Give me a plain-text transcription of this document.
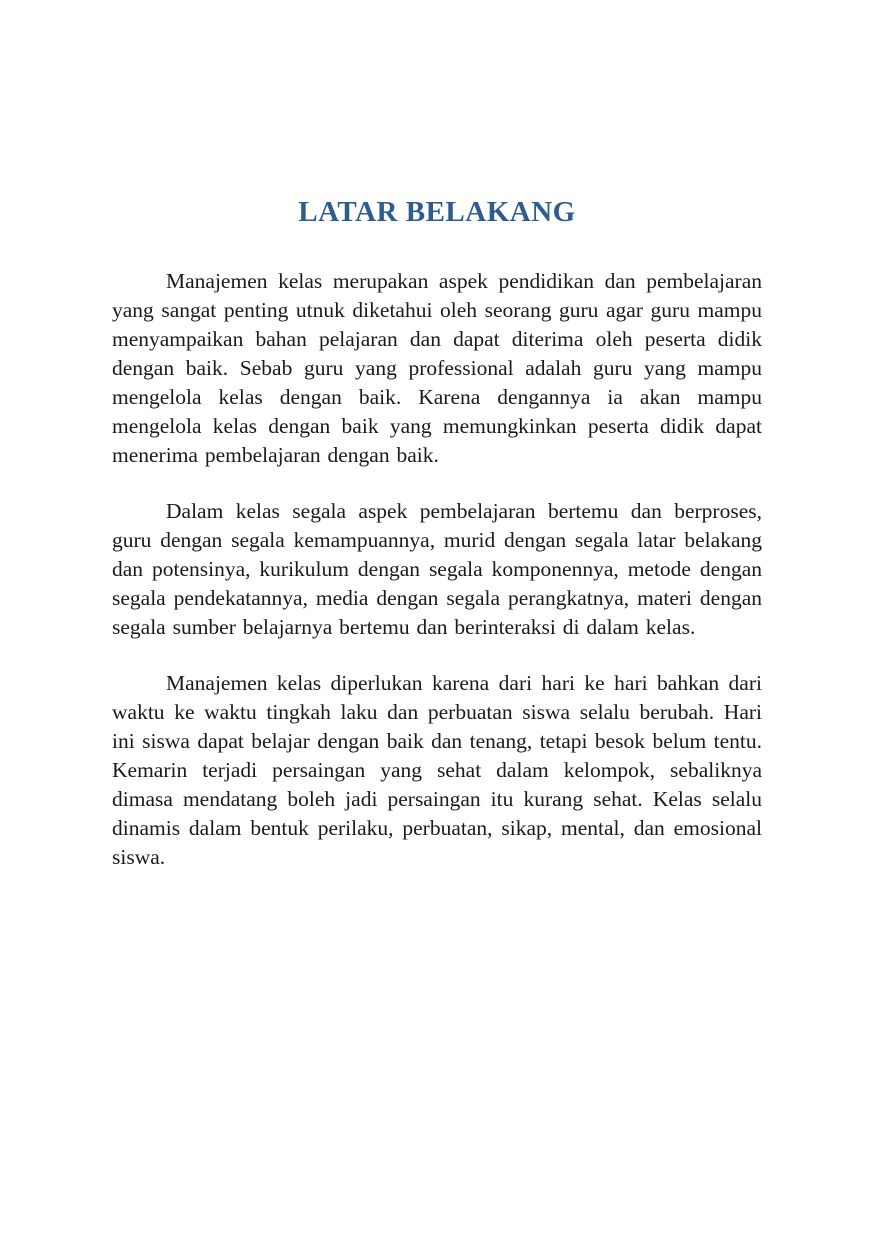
LATAR BELAKANG

Manajemen kelas merupakan aspek pendidikan dan pembelajaran yang sangat penting utnuk diketahui oleh seorang guru agar guru mampu menyampaikan bahan pelajaran dan dapat diterima oleh peserta didik dengan baik. Sebab guru yang professional adalah guru yang mampu mengelola kelas dengan baik. Karena dengannya ia akan mampu mengelola kelas dengan baik yang memungkinkan peserta didik dapat menerima pembelajaran dengan baik.

Dalam kelas segala aspek pembelajaran bertemu dan berproses, guru dengan segala kemampuannya, murid dengan segala latar belakang dan potensinya, kurikulum dengan segala komponennya, metode dengan segala pendekatannya, media dengan segala perangkatnya, materi dengan segala sumber belajarnya bertemu dan berinteraksi di dalam kelas.

Manajemen kelas diperlukan karena dari hari ke hari bahkan dari waktu ke waktu tingkah laku dan perbuatan siswa selalu berubah. Hari ini siswa dapat belajar dengan baik dan tenang, tetapi besok belum tentu. Kemarin terjadi persaingan yang sehat dalam kelompok, sebaliknya dimasa mendatang boleh jadi persaingan itu kurang sehat. Kelas selalu dinamis dalam bentuk perilaku, perbuatan, sikap, mental, dan emosional siswa.
